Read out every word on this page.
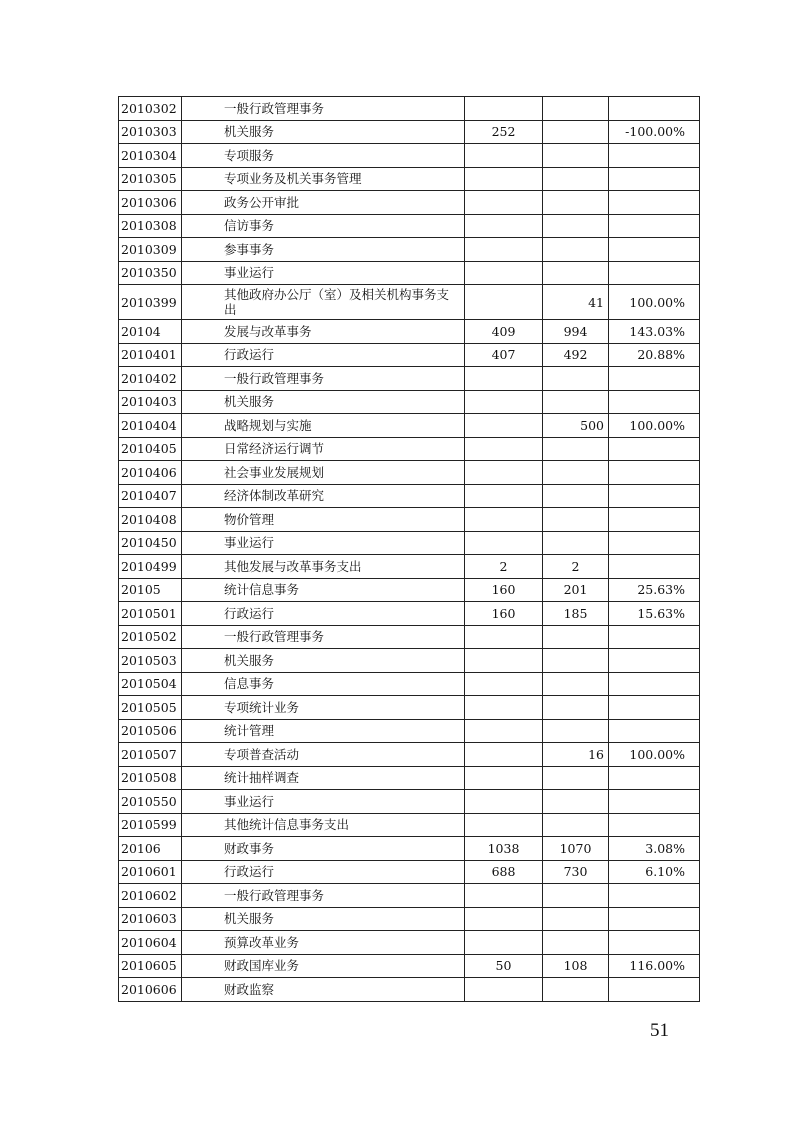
2010302	一般行政管理事务			
2010303	机关服务	252		-100.00%
2010304	专项服务			
2010305	专项业务及机关事务管理			
2010306	政务公开审批			
2010308	信访事务			
2010309	参事事务			
2010350	事业运行			
2010399	其他政府办公厅（室）及相关机构事务支出		41	100.00%
20104	发展与改革事务	409	994	143.03%
2010401	行政运行	407	492	20.88%
2010402	一般行政管理事务			
2010403	机关服务			
2010404	战略规划与实施		500	100.00%
2010405	日常经济运行调节			
2010406	社会事业发展规划			
2010407	经济体制改革研究			
2010408	物价管理			
2010450	事业运行			
2010499	其他发展与改革事务支出	2	2	
20105	统计信息事务	160	201	25.63%
2010501	行政运行	160	185	15.63%
2010502	一般行政管理事务			
2010503	机关服务			
2010504	信息事务			
2010505	专项统计业务			
2010506	统计管理			
2010507	专项普查活动		16	100.00%
2010508	统计抽样调查			
2010550	事业运行			
2010599	其他统计信息事务支出			
20106	财政事务	1038	1070	3.08%
2010601	行政运行	688	730	6.10%
2010602	一般行政管理事务			
2010603	机关服务			
2010604	预算改革业务			
2010605	财政国库业务	50	108	116.00%
2010606	财政监察			
51
